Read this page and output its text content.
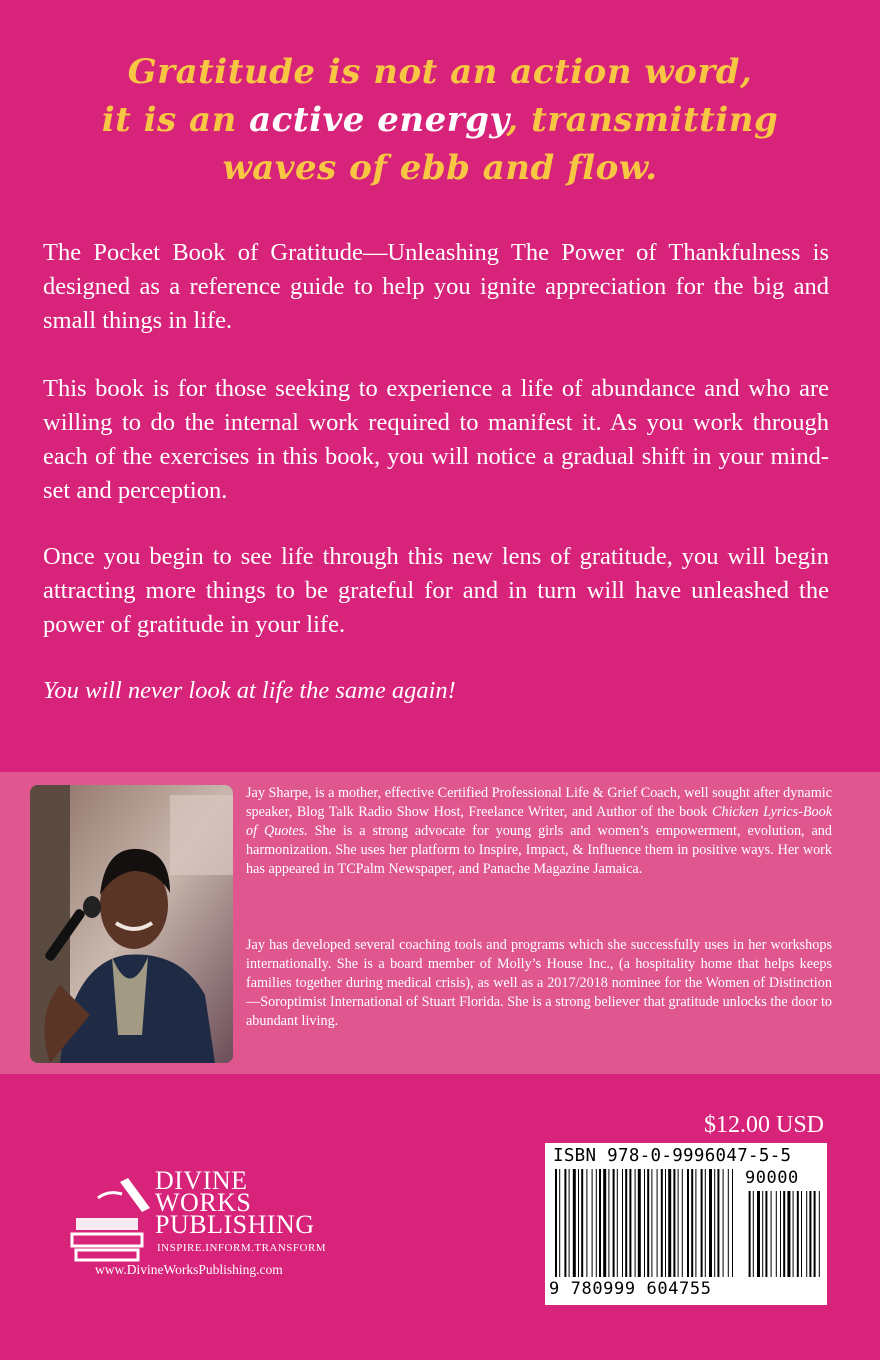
Gratitude is not an action word,
it is an active energy, transmitting
waves of ebb and flow.

The Pocket Book of Gratitude—Unleashing The Power of Thankfulness is designed as a reference guide to help you ignite appreciation for the big and small things in life.

This book is for those seeking to experience a life of abundance and who are willing to do the internal work required to manifest it. As you work through each of the exercises in this book, you will notice a gradual shift in your mind-set and perception.

Once you begin to see life through this new lens of gratitude, you will begin attracting more things to be grateful for and in turn will have unleashed the power of gratitude in your life.

You will never look at life the same again!

Jay Sharpe, is a mother, effective Certified Professional Life & Grief Coach, well sought after dynamic speaker, Blog Talk Radio Show Host, Freelance Writer, and Author of the book Chicken Lyrics-Book of Quotes. She is a strong advocate for young girls and women’s empowerment, evolution, and harmonization. She uses her platform to Inspire, Impact, & Influence them in positive ways. Her work has appeared in TCPalm Newspaper, and Panache Magazine Jamaica.

Jay has developed several coaching tools and programs which she successfully uses in her workshops internationally. She is a board member of Molly’s House Inc., (a hospitality home that helps keeps families together during medical crisis), as well as a 2017/2018 nominee for the Women of Distinction—Soroptimist International of Stuart Florida. She is a strong believer that gratitude unlocks the door to abundant living.

$12.00 USD
ISBN 978-0-9996047-5-5
90000
9 780999 604755
DIVINE
WORKS
PUBLISHING
INSPIRE.INFORM.TRANSFORM
www.DivineWorksPublishing.com
